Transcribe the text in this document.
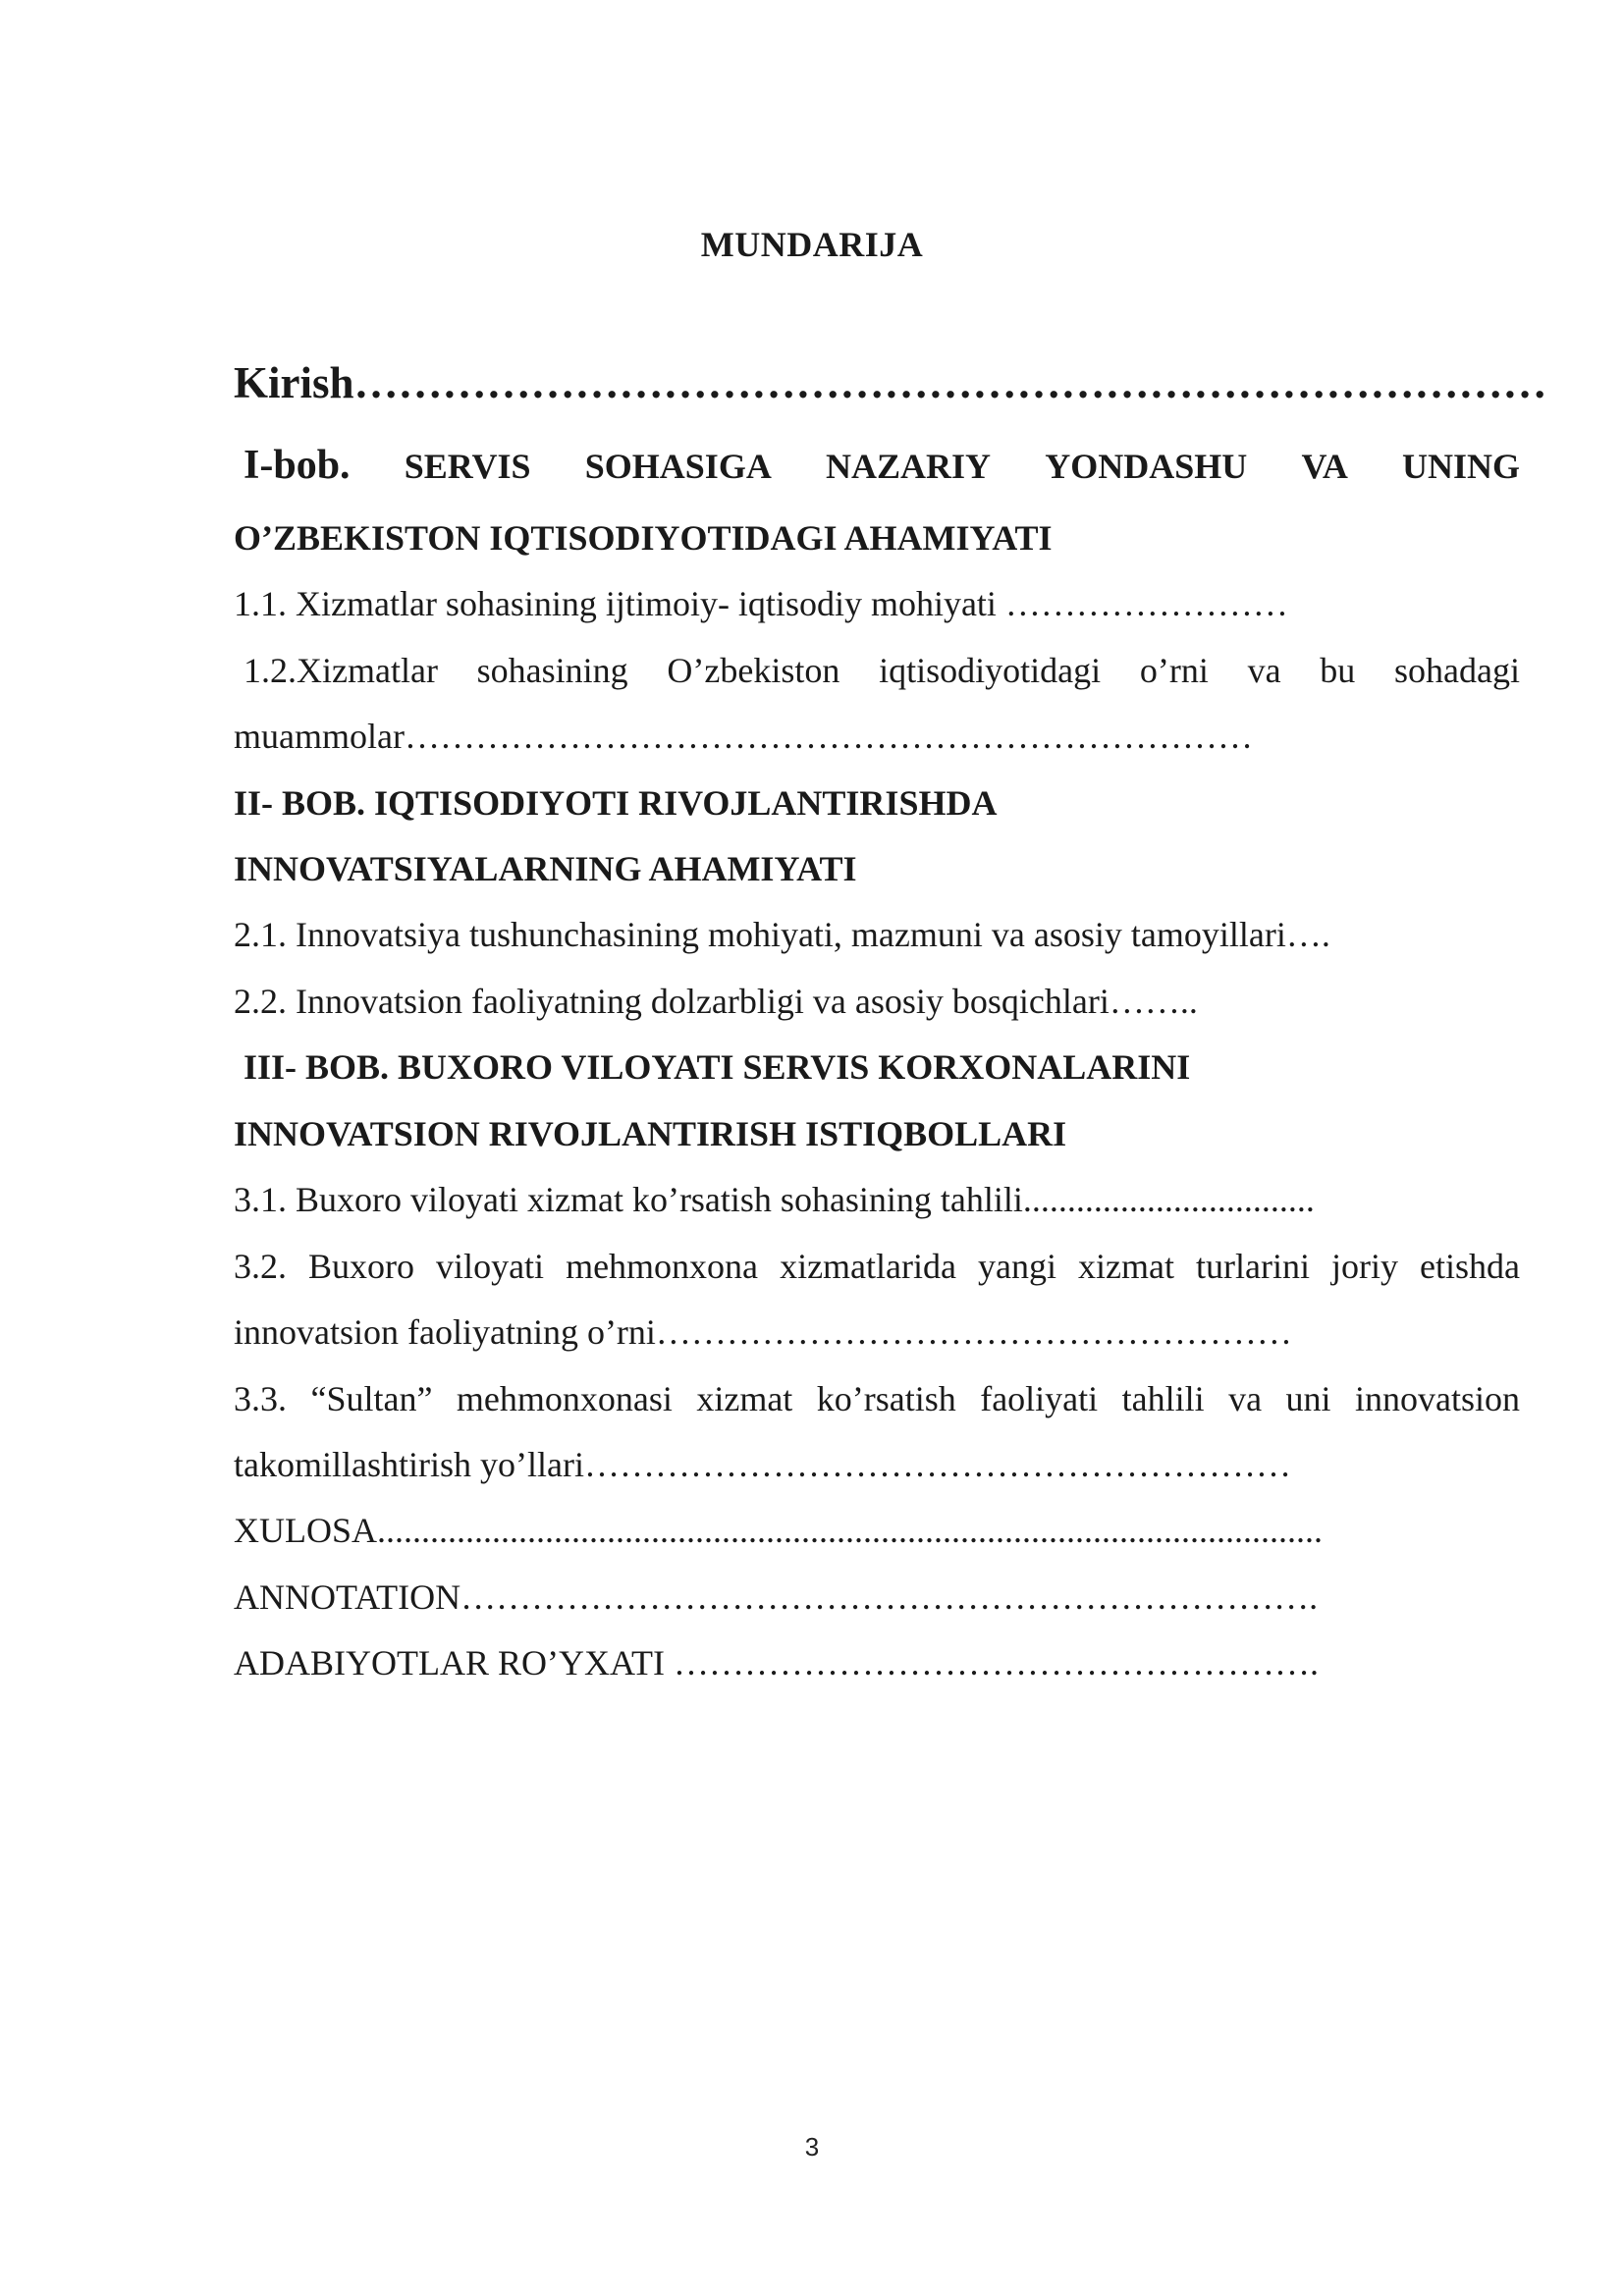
MUNDARIJA
Kirish………………………………………………………………………
I-bob. SERVIS SOHASIGA NAZARIY YONDASHU VA UNING
O’ZBEKISTON IQTISODIYOTIDAGI AHAMIYATI
1.1. Xizmatlar sohasining ijtimoiy- iqtisodiy mohiyati ……………………
1.2.Xizmatlar sohasining O’zbekiston iqtisodiyotidagi o’rni va bu sohadagi
muammolar………………………………………………………………
II- BOB. IQTISODIYOTI RIVOJLANTIRISHDA
INNOVATSIYALARNING AHAMIYATI
2.1. Innovatsiya tushunchasining mohiyati, mazmuni va asosiy tamoyillari….
2.2. Innovatsion faoliyatning dolzarbligi va asosiy bosqichlari……..
III- BOB. BUXORO VILOYATI SERVIS KORXONALARINI
INNOVATSION RIVOJLANTIRISH ISTIQBOLLARI
3.1. Buxoro viloyati xizmat ko’rsatish sohasining tahlili.................................
3.2. Buxoro viloyati mehmonxona xizmatlarida yangi xizmat turlarini joriy etishda
innovatsion faoliyatning o’rni………………………………………………
3.3. “Sultan” mehmonxonasi xizmat ko’rsatish faoliyati tahlili va uni innovatsion
takomillashtirish yo’llari……………………………………………………
XULOSA...........................................................................................................
ANNOTATION……………………………………………………………….
ADABIYOTLAR RO’YXATI ……………………………………………….
3
